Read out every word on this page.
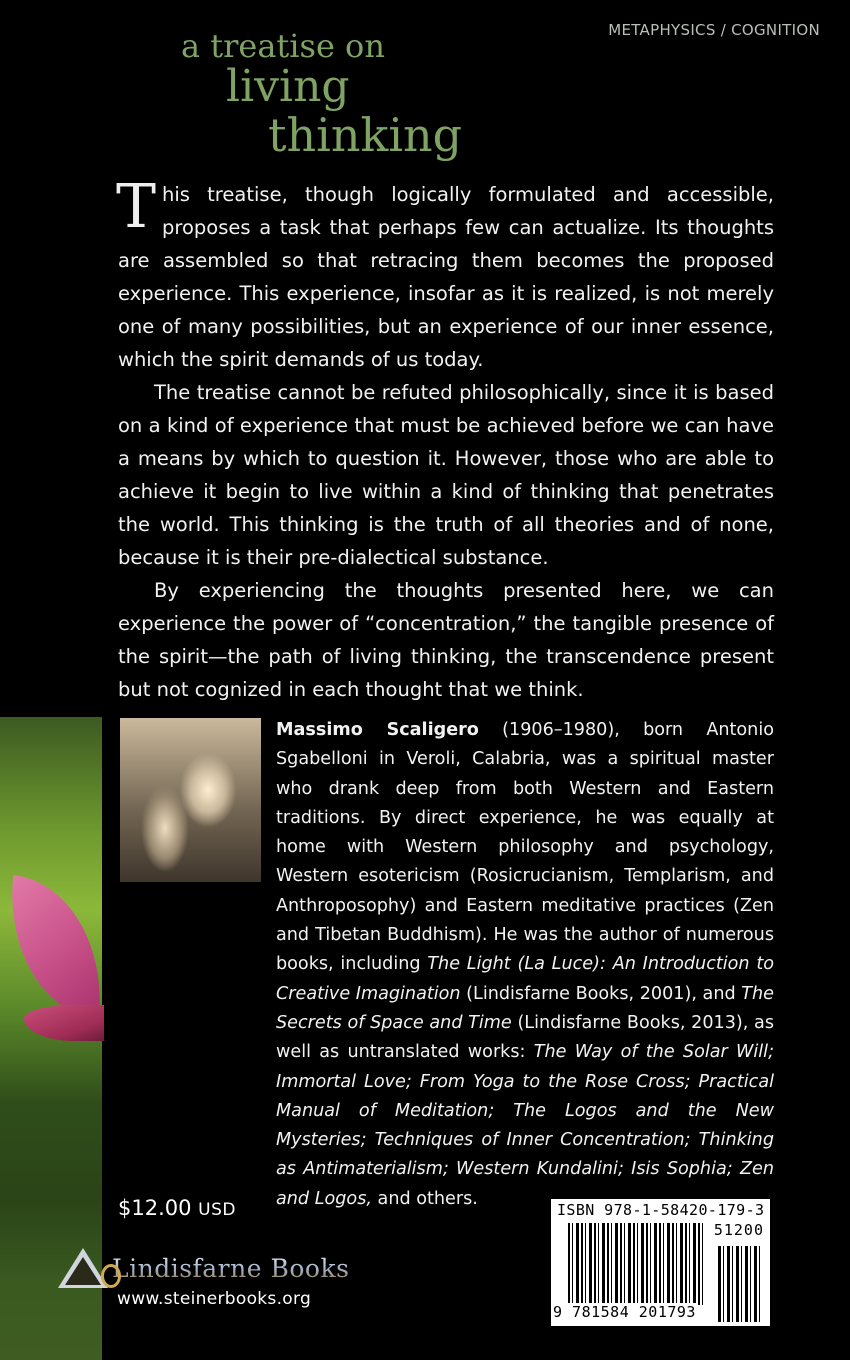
METAPHYSICS / COGNITION
a treatise on
living
thinking

This treatise, though logically formulated and accessible, proposes a task that perhaps few can actualize. Its thoughts are assembled so that retracing them becomes the proposed experience. This experience, insofar as it is realized, is not merely one of many possibilities, but an experience of our inner essence, which the spirit demands of us today.

The treatise cannot be refuted philosophically, since it is based on a kind of experience that must be achieved before we can have a means by which to question it. However, those who are able to achieve it begin to live within a kind of thinking that penetrates the world. This thinking is the truth of all theories and of none, because it is their pre-dialectical substance.

By experiencing the thoughts presented here, we can experience the power of “concentration,” the tangible presence of the spirit—the path of living thinking, the transcendence present but not cognized in each thought that we think.

Massimo Scaligero (1906–1980), born Antonio Sgabelloni in Veroli, Calabria, was a spiritual master who drank deep from both Western and Eastern traditions. By direct experience, he was equally at home with Western philosophy and psychology, Western esotericism (Rosicrucianism, Templarism, and Anthroposophy) and Eastern meditative practices (Zen and Tibetan Buddhism). He was the author of numerous books, including The Light (La Luce): An Introduction to Creative Imagination (Lindisfarne Books, 2001), and The Secrets of Space and Time (Lindisfarne Books, 2013), as well as untranslated works: The Way of the Solar Will; Immortal Love; From Yoga to the Rose Cross; Practical Manual of Meditation; The Logos and the New Mysteries; Techniques of Inner Concentration; Thinking as Antimaterialism; Western Kundalini; Isis Sophia; Zen and Logos, and others.

$12.00 USD
Lindisfarne Books
www.steinerbooks.org
ISBN 978-1-58420-179-3
51200
9 781584 201793
